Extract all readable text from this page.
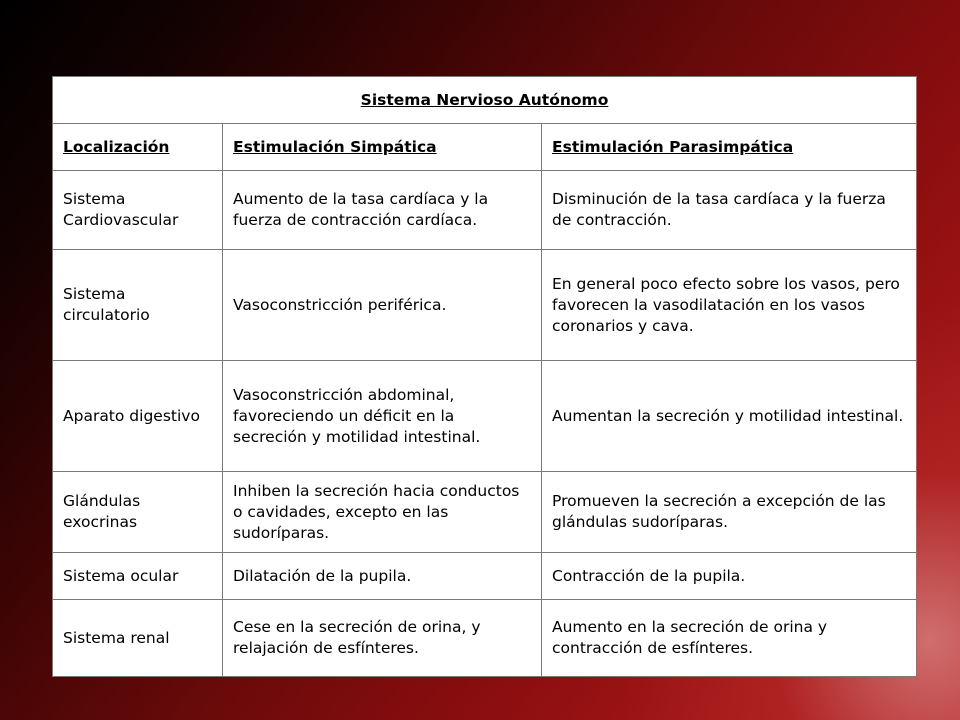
Sistema Nervioso Autónomo		
Localización	Estimulación Simpática	Estimulación Parasimpática
Sistema Cardiovascular	Aumento de la tasa cardíaca y la fuerza de contracción cardíaca.	Disminución de la tasa cardíaca y la fuerza de contracción.
Sistema circulatorio	Vasoconstricción periférica.	En general poco efecto sobre los vasos, pero favorecen la vasodilatación en los vasos coronarios y cava.
Aparato digestivo	Vasoconstricción abdominal, favoreciendo un déficit en la secreción y motilidad intestinal.	Aumentan la secreción y motilidad intestinal.
Glándulas exocrinas	Inhiben la secreción hacia conductos o cavidades, excepto en las sudoríparas.	Promueven la secreción a excepción de las glándulas sudoríparas.
Sistema ocular	Dilatación de la pupila.	Contracción de la pupila.
Sistema renal	Cese en la secreción de orina, y relajación de esfínteres.	Aumento en la secreción de orina y contracción de esfínteres.
